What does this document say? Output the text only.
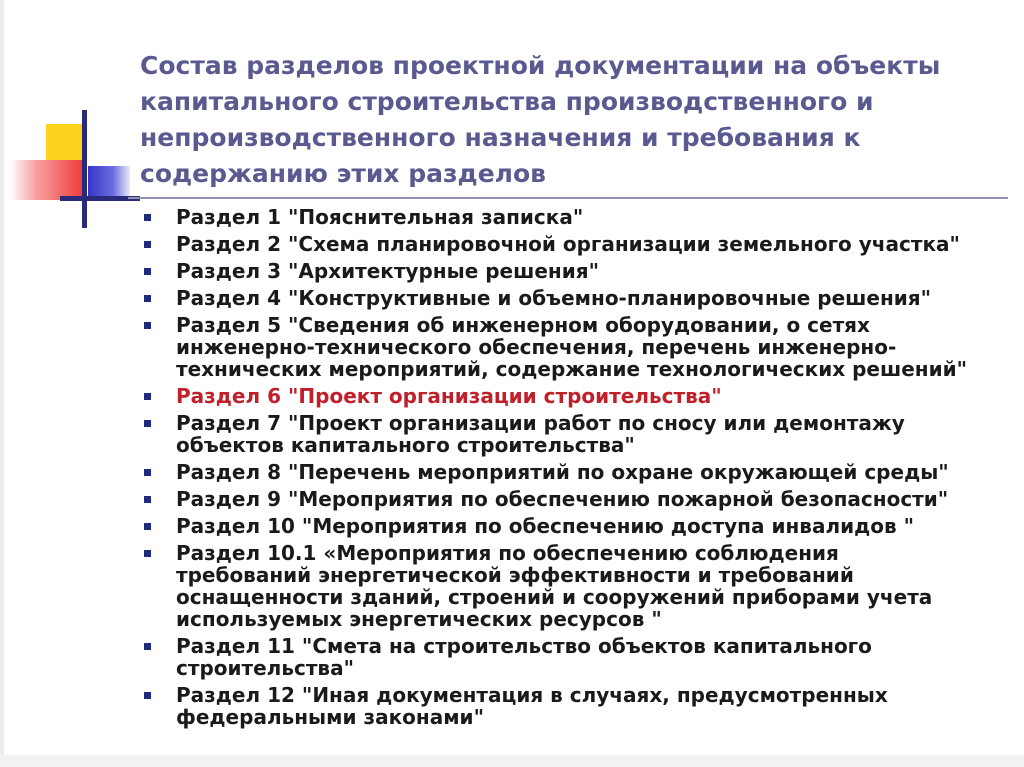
Состав разделов проектной документации на объекты
капитального строительства производственного и
непроизводственного назначения и требования к
содержанию этих разделов
Раздел 1 "Пояснительная записка"
Раздел 2 "Схема планировочной организации земельного участка"
Раздел 3 "Архитектурные решения"
Раздел 4 "Конструктивные и объемно-планировочные решения"
Раздел 5 "Сведения об инженерном оборудовании, о сетях
инженерно-технического обеспечения, перечень инженерно-
технических мероприятий, содержание технологических решений"
Раздел 6 "Проект организации строительства"
Раздел 7 "Проект организации работ по сносу или демонтажу
объектов капитального строительства"
Раздел 8 "Перечень мероприятий по охране окружающей среды"
Раздел 9 "Мероприятия по обеспечению пожарной безопасности"
Раздел 10 "Мероприятия по обеспечению доступа инвалидов "
Раздел 10.1 «Мероприятия по обеспечению соблюдения
требований энергетической эффективности и требований
оснащенности зданий, строений и сооружений приборами учета
используемых энергетических ресурсов "
Раздел 11 "Смета на строительство объектов капитального
строительства"
Раздел 12 "Иная документация в случаях, предусмотренных
федеральными законами"
